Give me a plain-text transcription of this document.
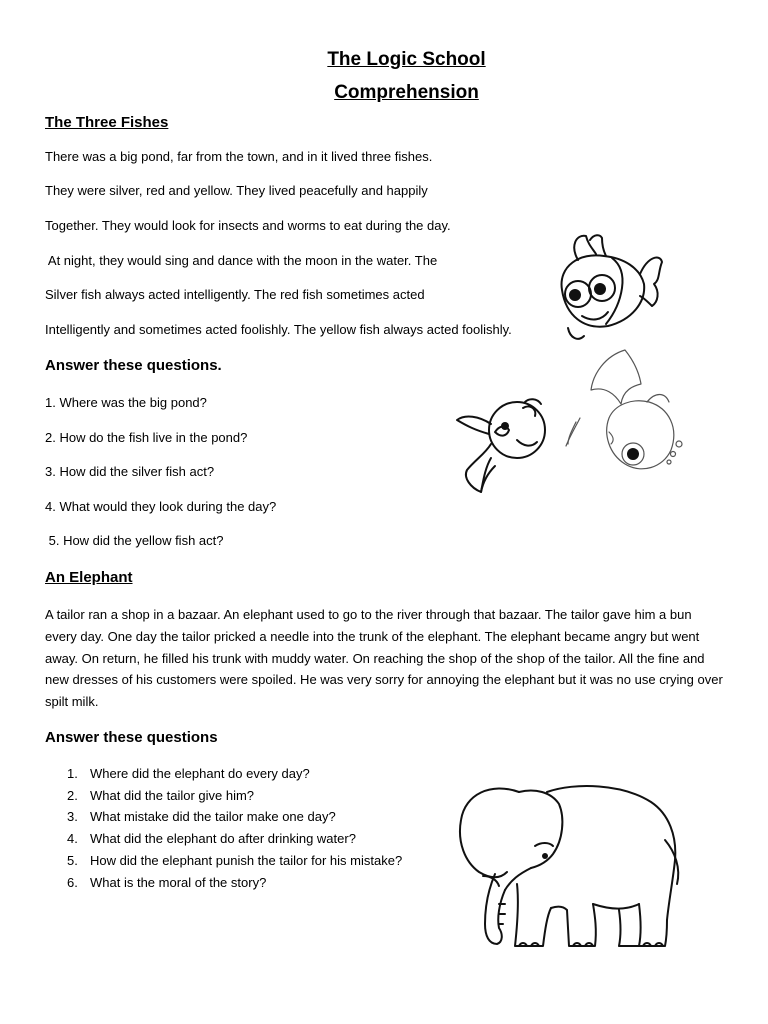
The Logic School
Comprehension
The Three Fishes
There was a big pond, far from the town, and in it lived three fishes.
They were silver, red and yellow. They lived peacefully and happily
Together. They would look for insects and worms to eat during the day.
At night, they would sing and dance with the moon in the water. The
Silver fish always acted intelligently. The red fish sometimes acted
Intelligently and sometimes acted foolishly. The yellow fish always acted foolishly.
Answer these questions.
1. Where was the big pond?
2. How do the fish live in the pond?
3. How did the silver fish act?
4. What would they look during the day?
5. How did the yellow fish act?
An Elephant
A tailor ran a shop in a bazaar. An elephant used to go to the river through that bazaar. The tailor gave him a bun every day. One day the tailor pricked a needle into the trunk of the elephant. The elephant became angry but went away. On return, he filled his trunk with muddy water. On reaching the shop of the shop of the tailor. All the fine and new dresses of his customers were spoiled. He was very sorry for annoying the elephant but it was no use crying over spilt milk.
Answer these questions
1. Where did the elephant do every day?
2. What did the tailor give him?
3. What mistake did the tailor make one day?
4. What did the elephant do after drinking water?
5. How did the elephant punish the tailor for his mistake?
6. What is the moral of the story?
